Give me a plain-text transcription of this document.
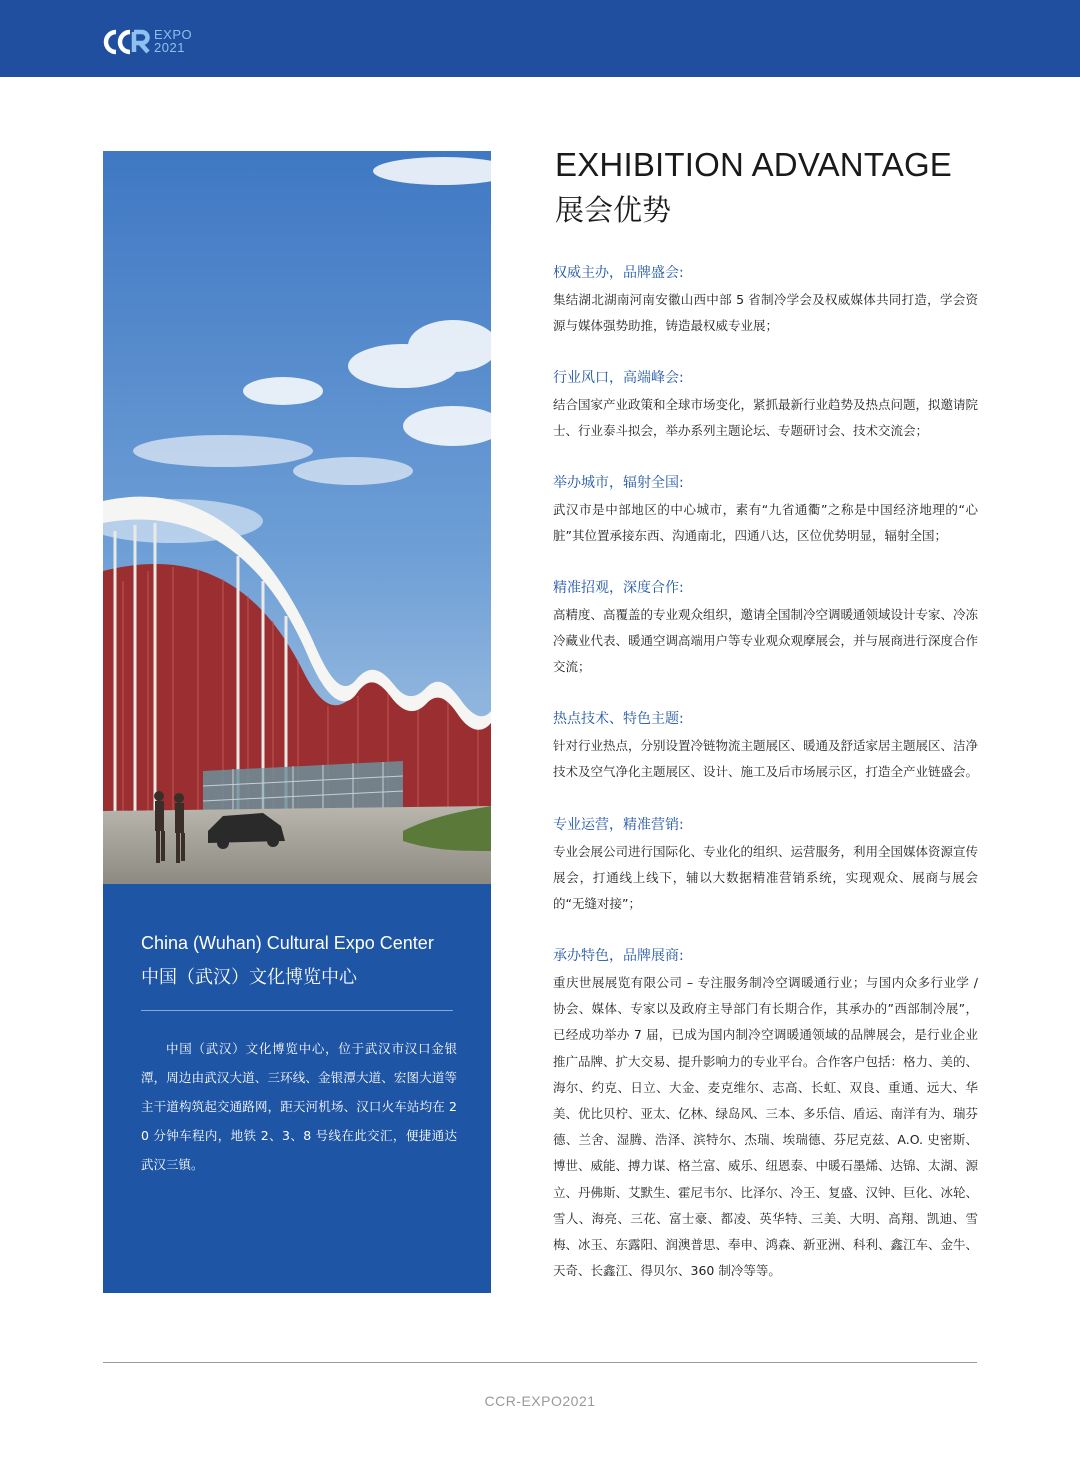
EXPO
2021
China (Wuhan) Cultural Expo Center
中国（武汉）文化博览中心
中国（武汉）文化博览中心，位于武汉市汉口金银潭，周边由武汉大道、三环线、金银潭大道、宏图大道等主干道构筑起交通路网，距天河机场、汉口火车站均在 20 分钟车程内，地铁 2、3、8 号线在此交汇，便捷通达武汉三镇。
EXHIBITION ADVANTAGE
展会优势
权威主办，品牌盛会:
集结湖北湖南河南安徽山西中部 5 省制冷学会及权威媒体共同打造，学会资源与媒体强势助推，铸造最权威专业展；
行业风口，高端峰会:
结合国家产业政策和全球市场变化，紧抓最新行业趋势及热点问题，拟邀请院士、行业泰斗拟会，举办系列主题论坛、专题研讨会、技术交流会；
举办城市，辐射全国:
武汉市是中部地区的中心城市，素有“九省通衢”之称是中国经济地理的“心脏”其位置承接东西、沟通南北，四通八达，区位优势明显，辐射全国；
精准招观，深度合作:
高精度、高覆盖的专业观众组织，邀请全国制冷空调暖通领域设计专家、冷冻冷藏业代表、暖通空调高端用户等专业观众观摩展会，并与展商进行深度合作交流；
热点技术、特色主题:
针对行业热点，分别设置冷链物流主题展区、暖通及舒适家居主题展区、洁净技术及空气净化主题展区、设计、施工及后市场展示区，打造全产业链盛会。
专业运营，精准营销:
专业会展公司进行国际化、专业化的组织、运营服务，利用全国媒体资源宣传展会，打通线上线下，辅以大数据精准营销系统，实现观众、展商与展会的“无缝对接”；
承办特色，品牌展商:
重庆世展展览有限公司 – 专注服务制冷空调暖通行业；与国内众多行业学 / 协会、媒体、专家以及政府主导部门有长期合作，其承办的”西部制冷展”，已经成功举办 7 届，已成为国内制冷空调暖通领域的品牌展会，是行业企业推广品牌、扩大交易、提升影响力的专业平台。合作客户包括：格力、美的、海尔、约克、日立、大金、麦克维尔、志高、长虹、双良、重通、远大、华美、优比贝柠、亚太、亿林、绿岛风、三本、多乐信、盾运、南洋有为、瑞芬德、兰舍、湿腾、浩泽、滨特尔、杰瑞、埃瑞德、芬尼克兹、A.O. 史密斯、博世、威能、搏力谋、格兰富、威乐、纽恩泰、中暖石墨烯、达锦、太湖、源立、丹佛斯、艾默生、霍尼韦尔、比泽尔、冷王、复盛、汉钟、巨化、冰轮、雪人、海亮、三花、富士豪、都凌、英华特、三美、大明、高翔、凯迪、雪梅、冰玉、东露阳、润澳普思、奉申、鸿森、新亚洲、科利、鑫江车、金牛、天奇、长鑫江、得贝尔、360 制冷等等。
CCR-EXPO2021
